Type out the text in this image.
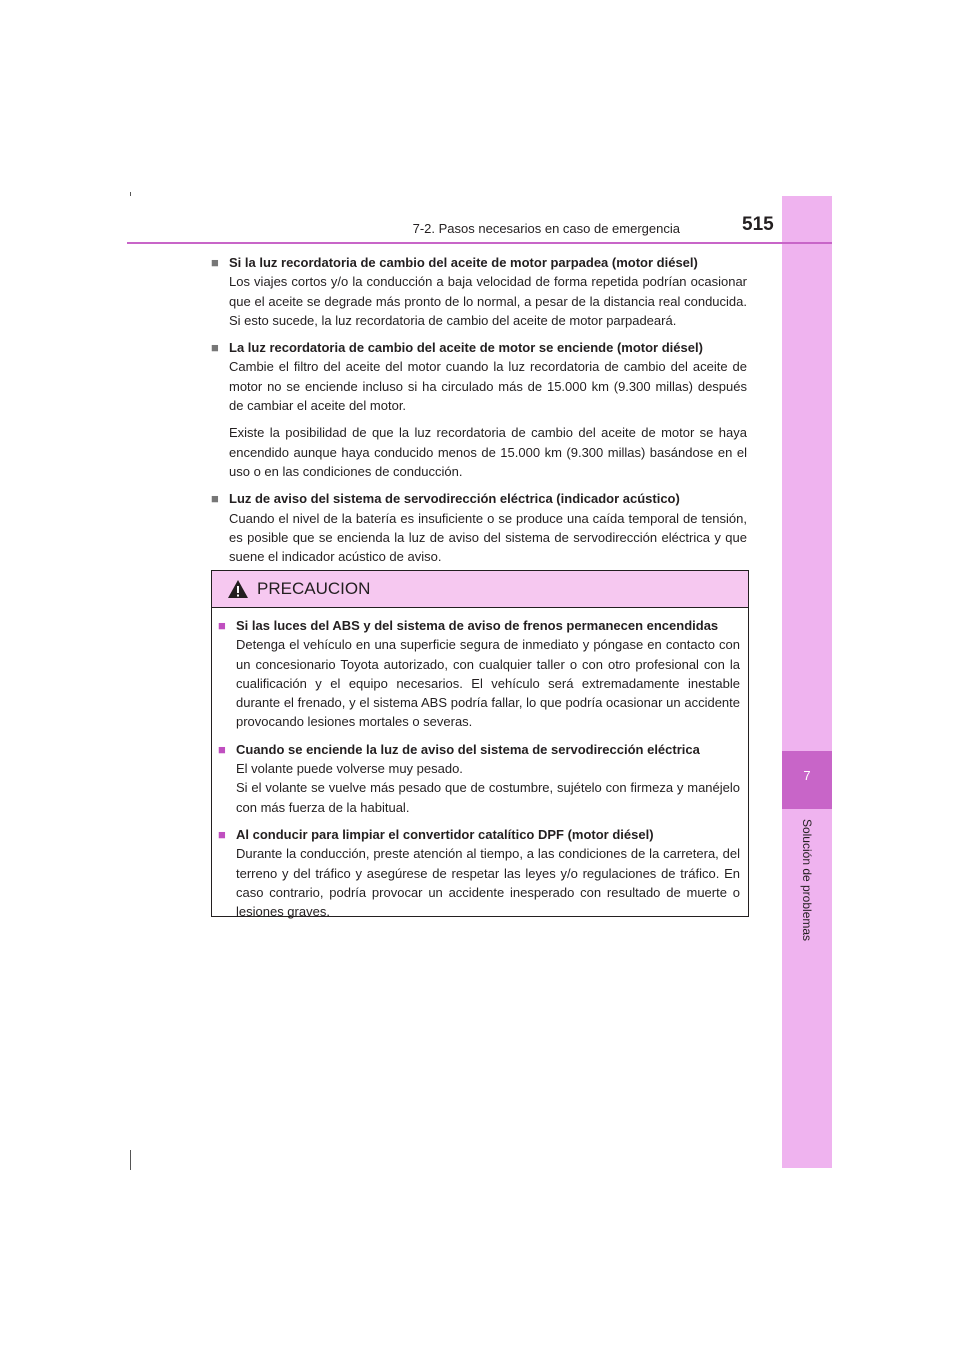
7
Solución de problemas
7-2. Pasos necesarios en caso de emergencia	515
■ Si la luz recordatoria de cambio del aceite de motor parpadea (motor diésel)
Los viajes cortos y/o la conducción a baja velocidad de forma repetida podrían ocasionar que el aceite se degrade más pronto de lo normal, a pesar de la distancia real conducida. Si esto sucede, la luz recordatoria de cambio del aceite de motor parpadeará.
■ La luz recordatoria de cambio del aceite de motor se enciende (motor diésel)
Cambie el filtro del aceite del motor cuando la luz recordatoria de cambio del aceite de motor no se enciende incluso si ha circulado más de 15.000 km (9.300 millas) después de cambiar el aceite del motor.
Existe la posibilidad de que la luz recordatoria de cambio del aceite de motor se haya encendido aunque haya conducido menos de 15.000 km (9.300 millas) basándose en el uso o en las condiciones de conducción.
■ Luz de aviso del sistema de servodirección eléctrica (indicador acústico)
Cuando el nivel de la batería es insuficiente o se produce una caída temporal de tensión, es posible que se encienda la luz de aviso del sistema de servodirección eléctrica y que suene el indicador acústico de aviso.
PRECAUCION
■ Si las luces del ABS y del sistema de aviso de frenos permanecen encendidas
Detenga el vehículo en una superficie segura de inmediato y póngase en contacto con un concesionario Toyota autorizado, con cualquier taller o con otro profesional con la cualificación y el equipo necesarios. El vehículo será extremadamente inestable durante el frenado, y el sistema ABS podría fallar, lo que podría ocasionar un accidente provocando lesiones mortales o severas.
■ Cuando se enciende la luz de aviso del sistema de servodirección eléctrica
El volante puede volverse muy pesado.
Si el volante se vuelve más pesado que de costumbre, sujételo con firmeza y manéjelo con más fuerza de la habitual.
■ Al conducir para limpiar el convertidor catalítico DPF (motor diésel)
Durante la conducción, preste atención al tiempo, a las condiciones de la carretera, del terreno y del tráfico y asegúrese de respetar las leyes y/o regulaciones de tráfico. En caso contrario, podría provocar un accidente inesperado con resultado de muerte o lesiones graves.
